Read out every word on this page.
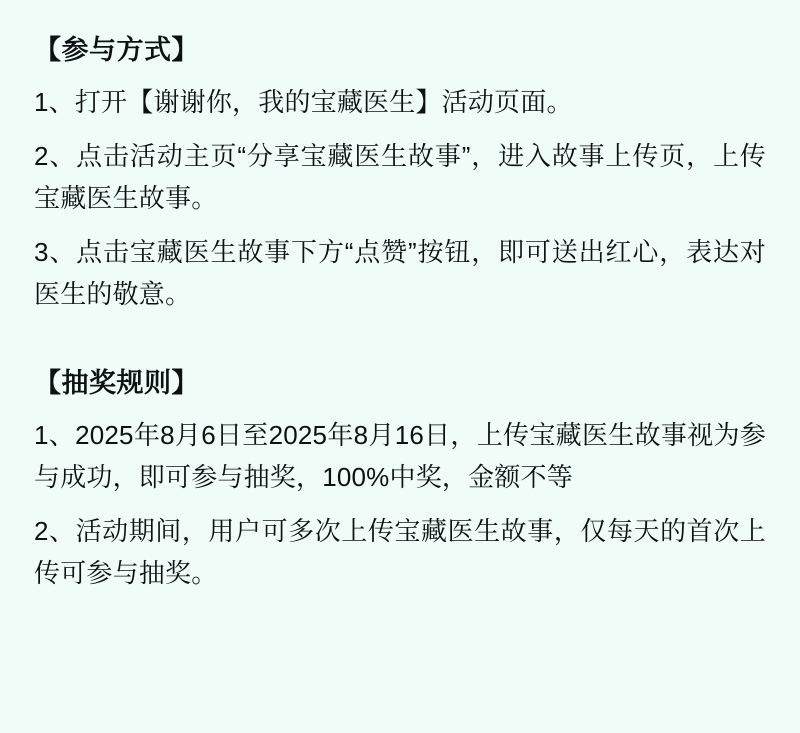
【参与方式】

1、打开【谢谢你，我的宝藏医生】活动页面。

2、点击活动主页“分享宝藏医生故事”，进入故事上传页，上传宝藏医生故事。

3、点击宝藏医生故事下方“点赞”按钮，即可送出红心，表达对医生的敬意。

【抽奖规则】

1、2025年8月6日至2025年8月16日，上传宝藏医生故事视为参与成功，即可参与抽奖，100%中奖，金额不等

2、活动期间，用户可多次上传宝藏医生故事，仅每天的首次上传可参与抽奖。
